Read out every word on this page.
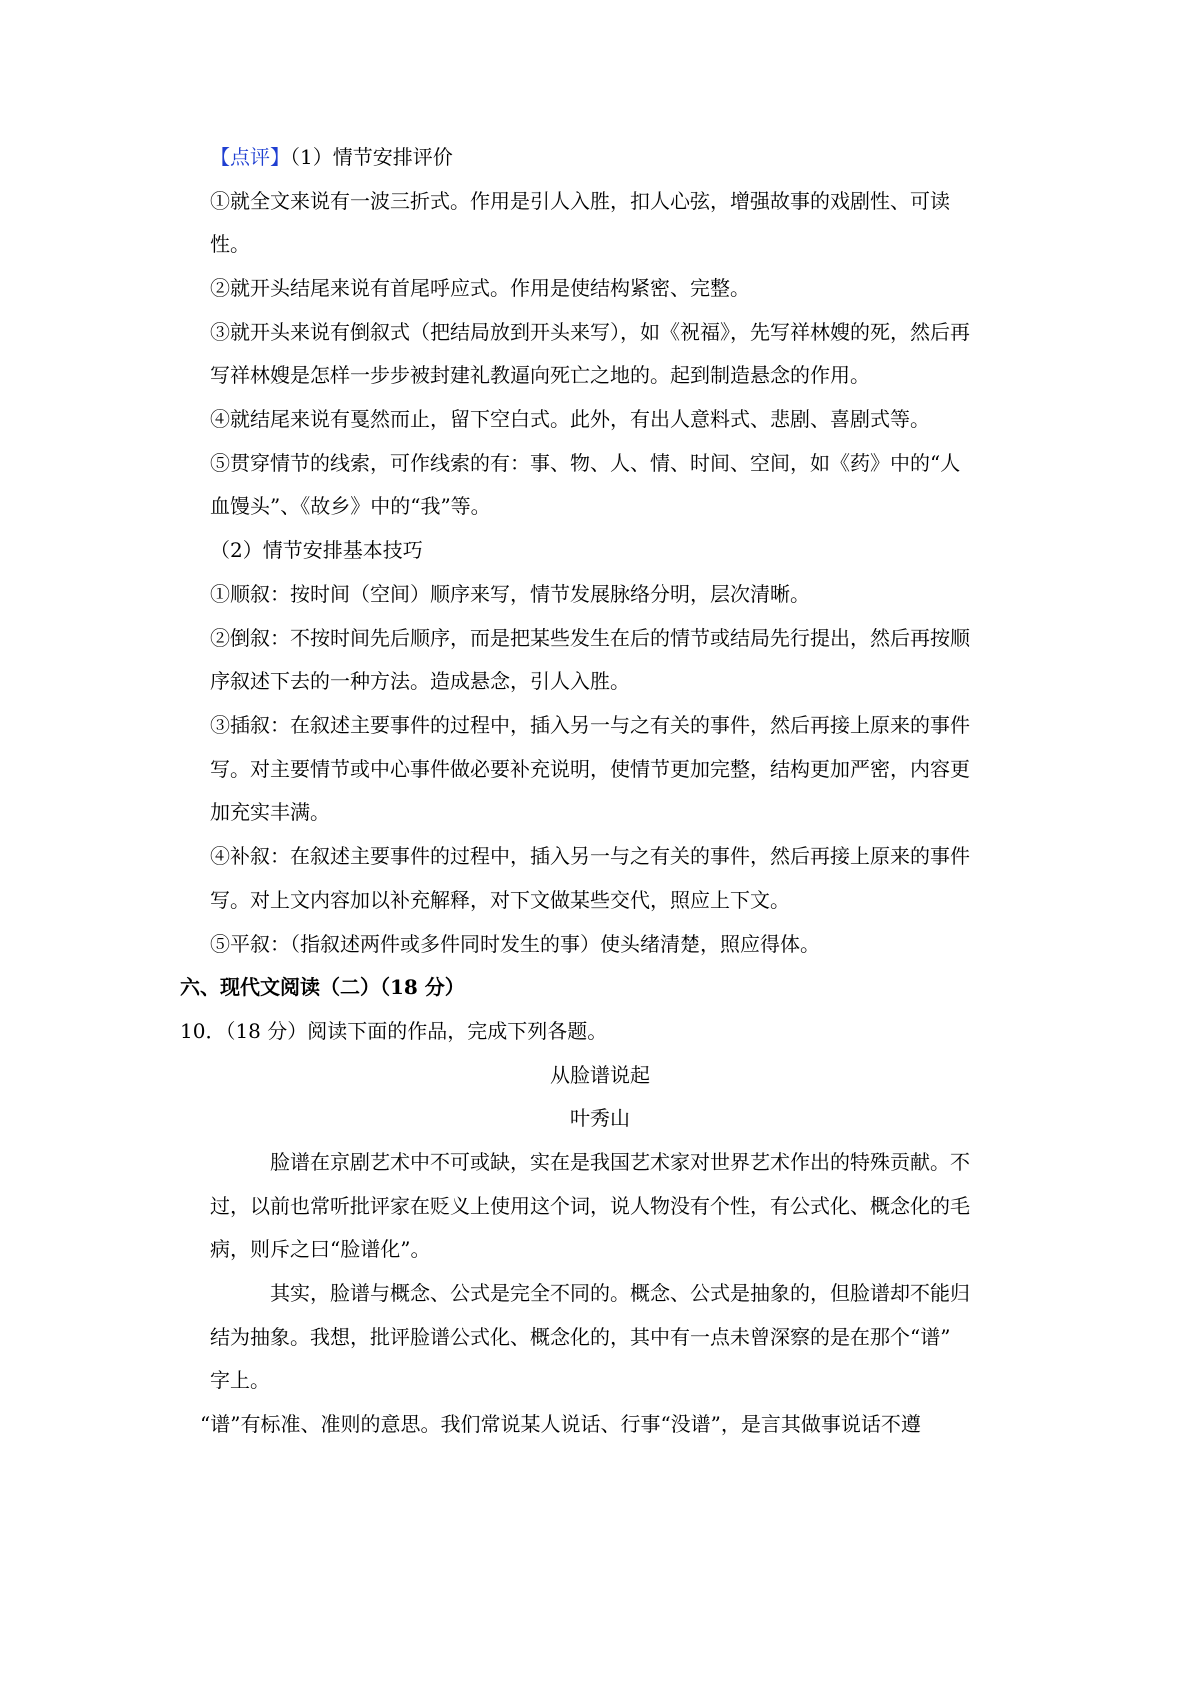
【点评】（1）情节安排评价
①就全文来说有一波三折式。作用是引人入胜，扣人心弦，增强故事的戏剧性、可读
性。
②就开头结尾来说有首尾呼应式。作用是使结构紧密、完整。
③就开头来说有倒叙式（把结局放到开头来写），如《祝福》，先写祥林嫂的死，然后再
写祥林嫂是怎样一步步被封建礼教逼向死亡之地的。起到制造悬念的作用。
④就结尾来说有戛然而止，留下空白式。此外，有出人意料式、悲剧、喜剧式等。
⑤贯穿情节的线索，可作线索的有：事、物、人、情、时间、空间，如《药》中的“人
血馒头”、《故乡》中的“我”等。
（2）情节安排基本技巧
①顺叙：按时间（空间）顺序来写，情节发展脉络分明，层次清晰。
②倒叙：不按时间先后顺序，而是把某些发生在后的情节或结局先行提出，然后再按顺
序叙述下去的一种方法。造成悬念，引人入胜。
③插叙：在叙述主要事件的过程中，插入另一与之有关的事件，然后再接上原来的事件
写。对主要情节或中心事件做必要补充说明，使情节更加完整，结构更加严密，内容更
加充实丰满。
④补叙：在叙述主要事件的过程中，插入另一与之有关的事件，然后再接上原来的事件
写。对上文内容加以补充解释，对下文做某些交代，照应上下文。
⑤平叙：（指叙述两件或多件同时发生的事）使头绪清楚，照应得体。
六、现代文阅读（二）（18 分）
10．（18 分）阅读下面的作品，完成下列各题。
从脸谱说起
叶秀山
脸谱在京剧艺术中不可或缺，实在是我国艺术家对世界艺术作出的特殊贡献。不
过，以前也常听批评家在贬义上使用这个词，说人物没有个性，有公式化、概念化的毛
病，则斥之曰“脸谱化”。
其实，脸谱与概念、公式是完全不同的。概念、公式是抽象的，但脸谱却不能归
结为抽象。我想，批评脸谱公式化、概念化的，其中有一点未曾深察的是在那个“谱”
字上。
“谱”有标准、准则的意思。我们常说某人说话、行事“没谱”，是言其做事说话不遵
